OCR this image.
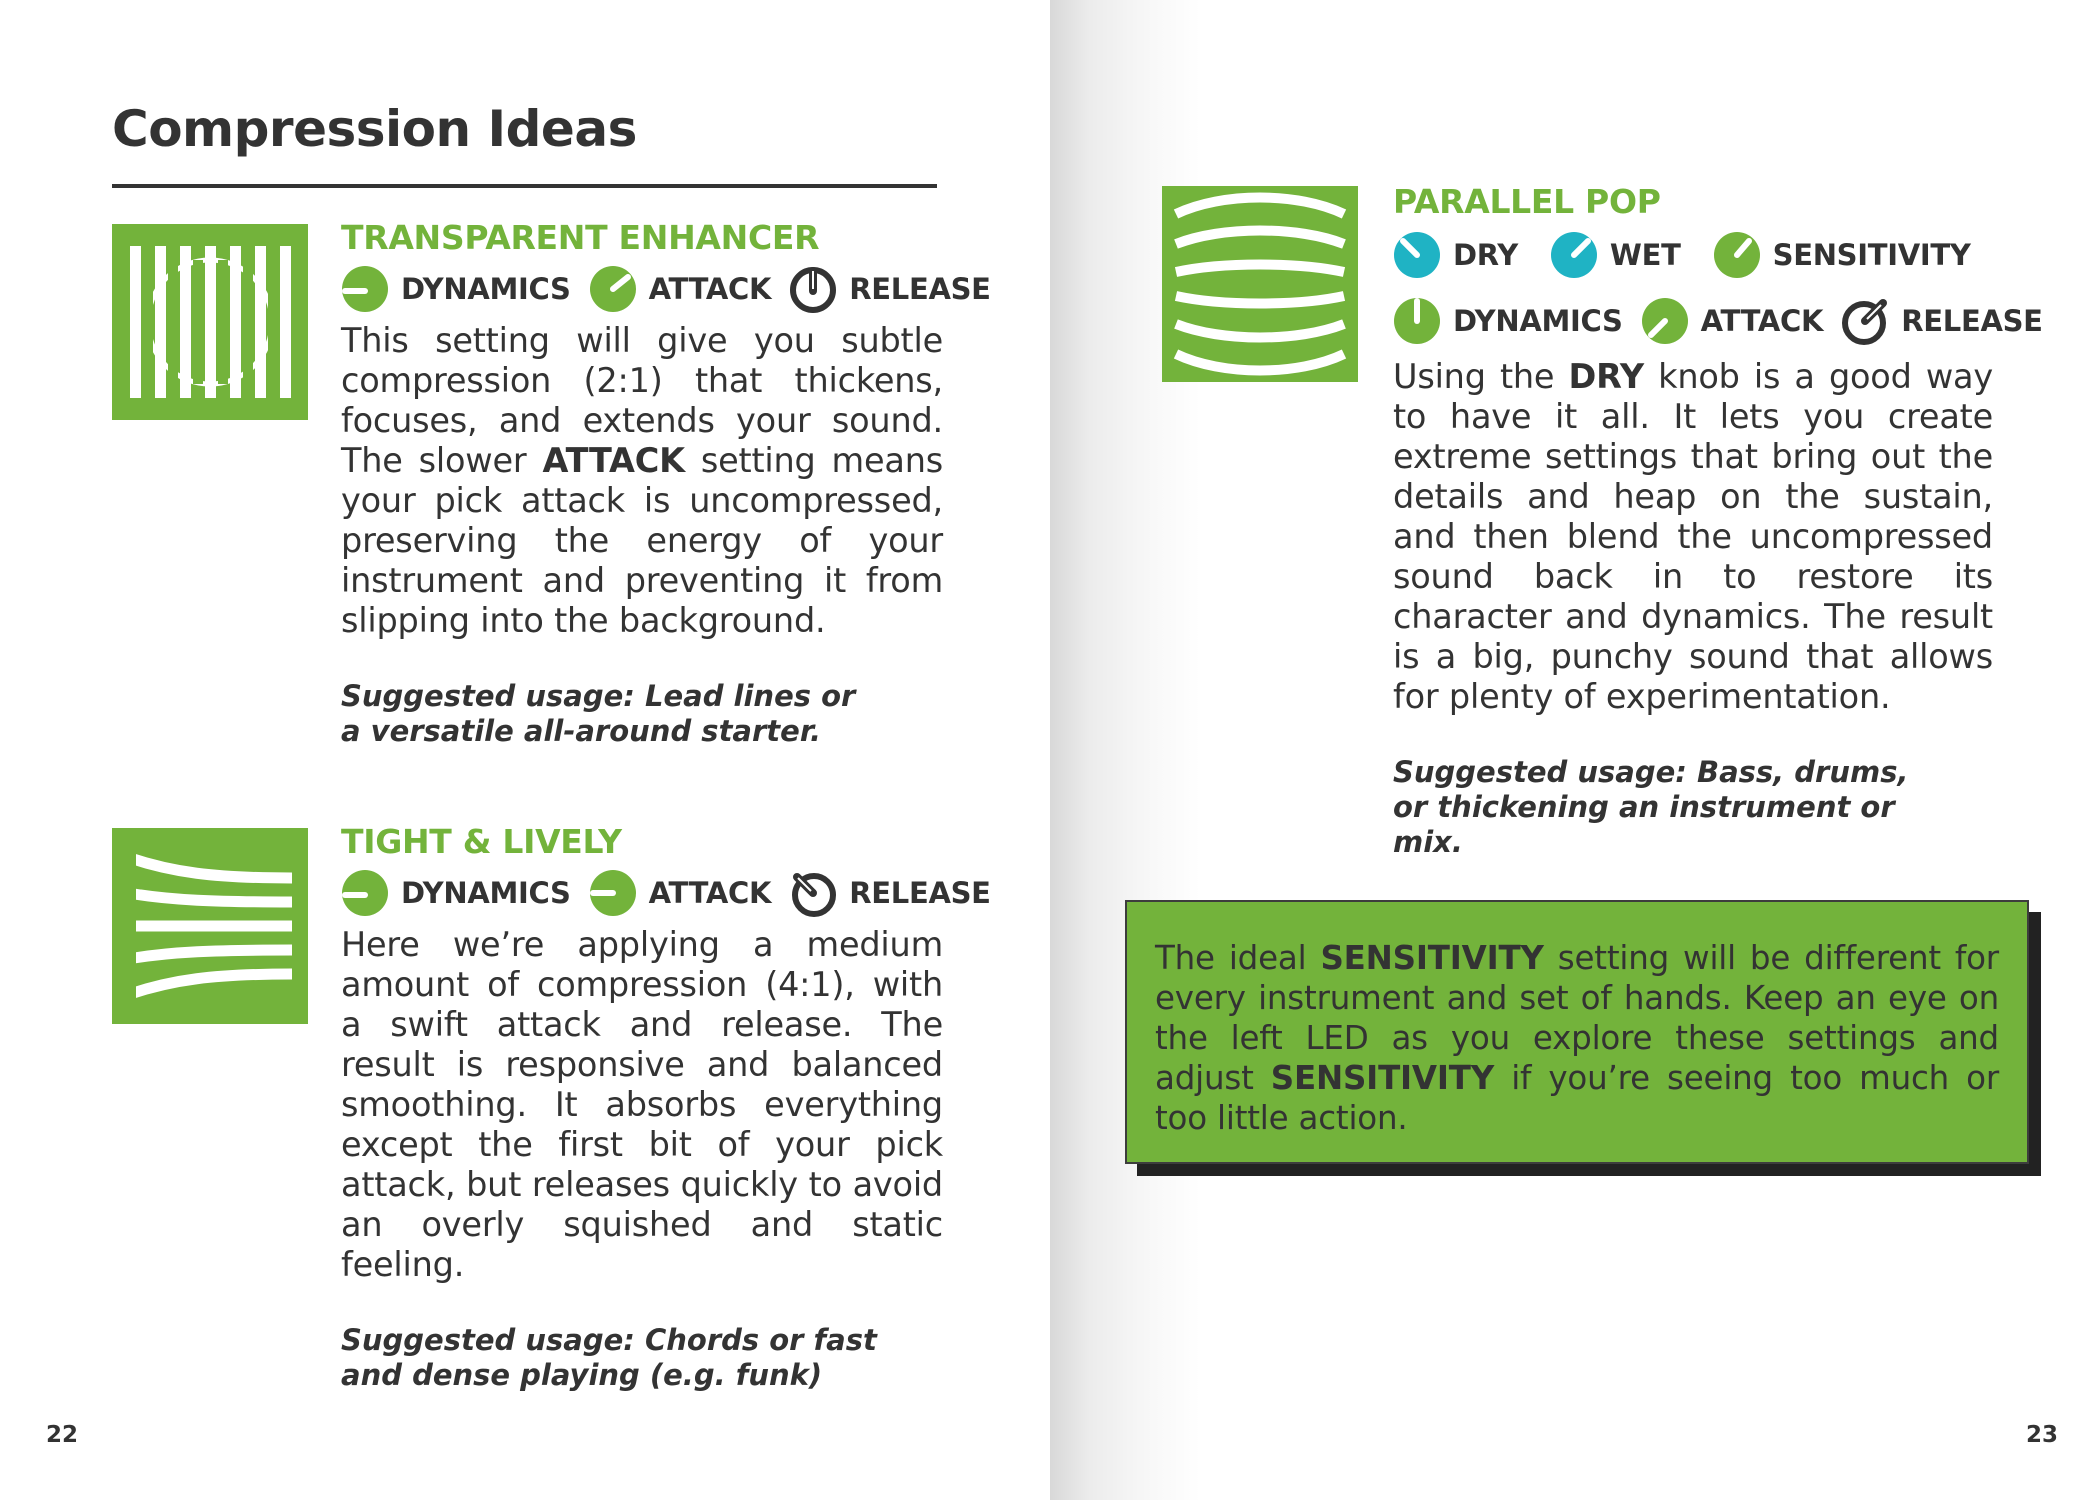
Compression Ideas
TRANSPARENT ENHANCER
DYNAMICS	ATTACK	RELEASE
This setting will give you subtle compression (2:1) that thickens, focuses, and extends your sound. The slower ATTACK setting means your pick attack is uncompressed, preserving the energy of your instrument and preventing it from slipping into the background.
Suggested usage: Lead lines or a versatile all-around starter.
TIGHT & LIVELY
DYNAMICS	ATTACK	RELEASE
Here we’re applying a medium amount of compression (4:1), with a swift attack and release. The result is responsive and balanced smoothing. It absorbs everything except the first bit of your pick attack, but releases quickly to avoid an overly squished and static feeling.
Suggested usage: Chords or fast and dense playing (e.g. funk)
22
PARALLEL POP
DRY	WET	SENSITIVITY
DYNAMICS	ATTACK	RELEASE
Using the DRY knob is a good way to have it all. It lets you create extreme settings that bring out the details and heap on the sustain, and then blend the uncompressed sound back in to restore its character and dynamics. The result is a big, punchy sound that allows for plenty of experimentation.
Suggested usage: Bass, drums, or thickening an instrument or mix.
The ideal SENSITIVITY setting will be different for every instrument and set of hands. Keep an eye on the left LED as you explore these settings and adjust SENSITIVITY if you’re seeing too much or too little action.
23
